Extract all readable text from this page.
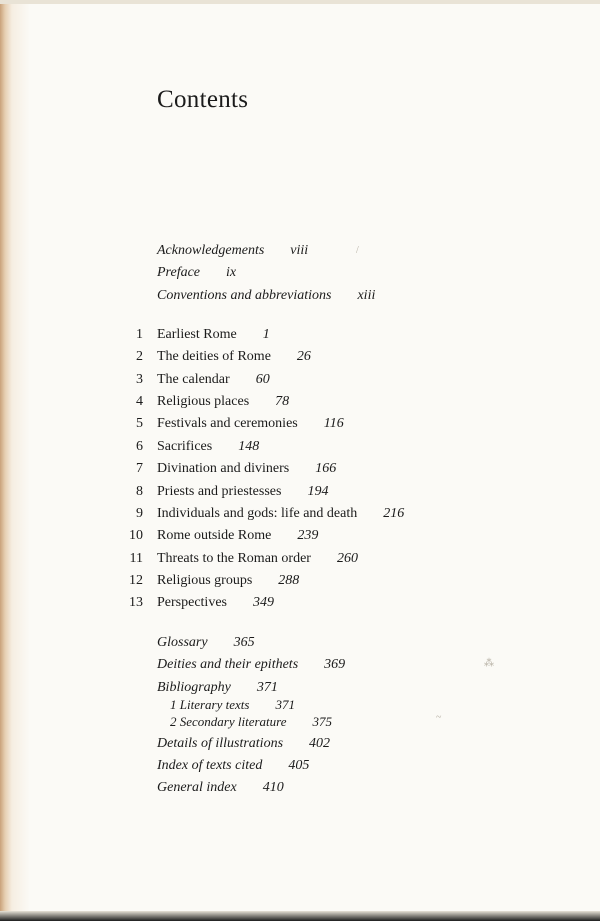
Contents
Acknowledgements viii
Preface ix
Conventions and abbreviations xiii
1 Earliest Rome 1
2 The deities of Rome 26
3 The calendar 60
4 Religious places 78
5 Festivals and ceremonies 116
6 Sacrifices 148
7 Divination and diviners 166
8 Priests and priestesses 194
9 Individuals and gods: life and death 216
10 Rome outside Rome 239
11 Threats to the Roman order 260
12 Religious groups 288
13 Perspectives 349
Glossary 365
Deities and their epithets 369
Bibliography 371
1 Literary texts 371
2 Secondary literature 375
Details of illustrations 402
Index of texts cited 405
General index 410
/
⁂
~
